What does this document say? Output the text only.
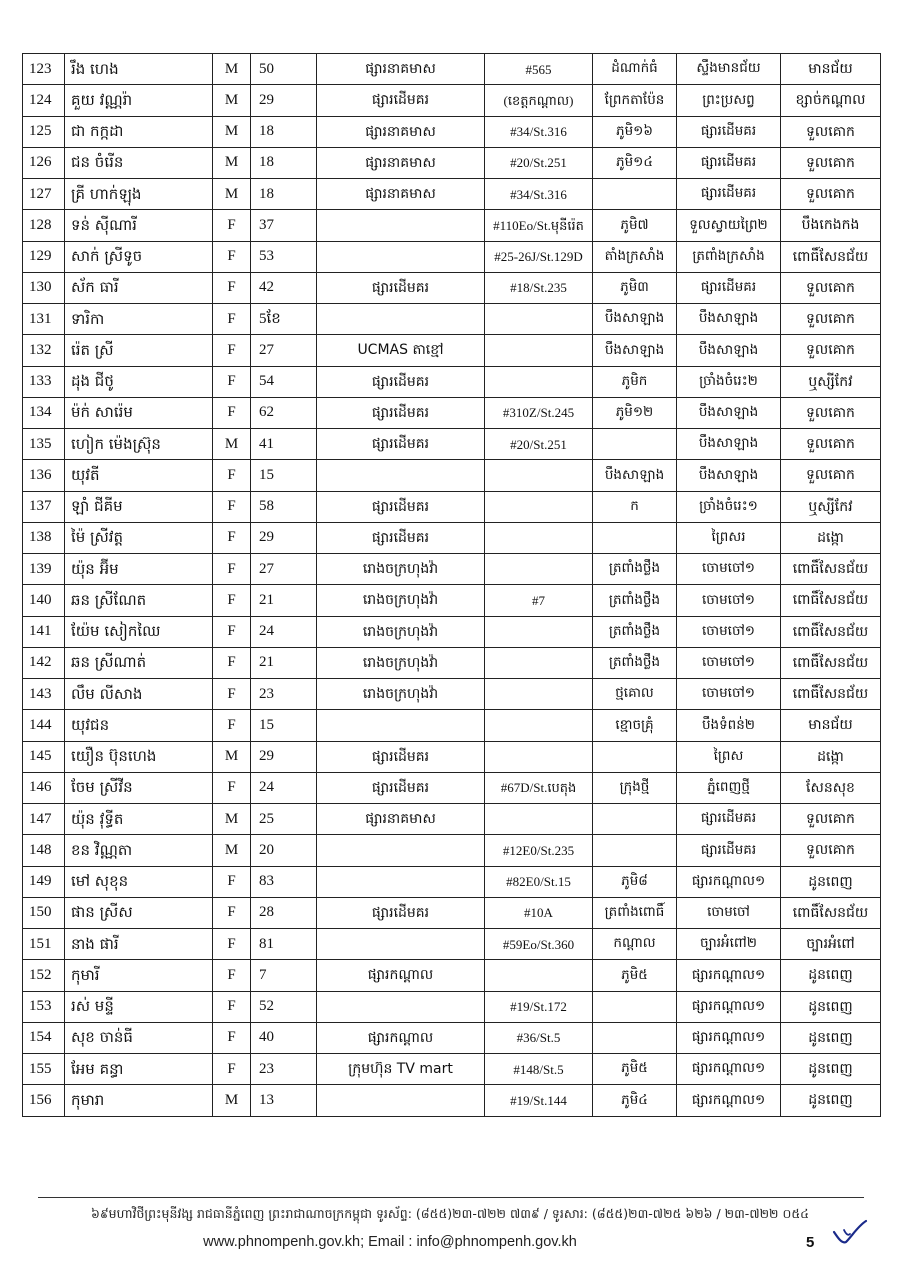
123	រឹង ហេង	M	50	ផ្សារនាគមាស	#565	ដំណាក់ធំ	ស្ទឹងមានជ័យ	មានជ័យ
124	គួយ វណ្ណរ៉ា	M	29	ផ្សារដើមគរ	(ខេត្តកណ្ដាល)	ព្រែកតាប៉ែន	ព្រះប្រសព្វ	ខ្សាច់កណ្ដាល
125	ជា កក្កដា	M	18	ផ្សារនាគមាស	#34/St.316	ភូមិ១៦	ផ្សារដើមគរ	ទួលគោក
126	ជន ចំរើន	M	18	ផ្សារនាគមាស	#20/St.251	ភូមិ១៤	ផ្សារដើមគរ	ទួលគោក
127	គ្រី ហាក់ឡុង	M	18	ផ្សារនាគមាស	#34/St.316		ផ្សារដើមគរ	ទួលគោក
128	ទន់ ស៊ីណារី	F	37		#110Eo/St.មុនីរ៉េត	ភូមិ៧	ទួលស្វាយព្រៃ២	បឹងកេងកង
129	សាក់ ស្រីទូច	F	53		#25-26J/St.129D	តាំងក្រសាំង	ត្រពាំងក្រសាំង	ពោធិ៍សែនជ័យ
130	ស័ក ធារី	F	42	ផ្សារដើមគរ	#18/St.235	ភូមិ៣	ផ្សារដើមគរ	ទួលគោក
131	ទារិកា	F	5ខែ			បឹងសាឡាង	បឹងសាឡាង	ទួលគោក
132	រ៉េត ស្រី	F	27	UCMAS តាខ្មៅ		បឹងសាឡាង	បឹងសាឡាង	ទួលគោក
133	ដុង ជីថូ	F	54	ផ្សារដើមគរ		ភូមិក	ច្រាំងចំរេះ២	ឬស្សីកែវ
134	ម៉ក់ សារ៉េម	F	62	ផ្សារដើមគរ	#310Z/St.245	ភូមិ១២	បឹងសាឡាង	ទួលគោក
135	ហៀក ម៉េងស្រ៊ុន	M	41	ផ្សារដើមគរ	#20/St.251		បឹងសាឡាង	ទួលគោក
136	យុវតី	F	15			បឹងសាឡាង	បឹងសាឡាង	ទួលគោក
137	ឡាំ ជីគីម	F	58	ផ្សារដើមគរ		ក	ច្រាំងចំរេះ១	ឬស្សីកែវ
138	ម៉ៃ ស្រីវត្ត	F	29	ផ្សារដើមគរ			ព្រៃសរ	ដង្កោ
139	យ៉ុន អ៊ីម	F	27	រោងចក្រហុងវ៉ា		ត្រពាំងថ្លឹង	ចោមចៅ១	ពោធិ៍សែនជ័យ
140	ឆន ស្រីណែត	F	21	រោងចក្រហុងវ៉ា	#7	ត្រពាំងថ្លឹង	ចោមចៅ១	ពោធិ៍សែនជ័យ
141	យ៉ែម សៀកឈៃ	F	24	រោងចក្រហុងវ៉ា		ត្រពាំងថ្លឹង	ចោមចៅ១	ពោធិ៍សែនជ័យ
142	ឆន ស្រីណាត់	F	21	រោងចក្រហុងវ៉ា		ត្រពាំងថ្លឹង	ចោមចៅ១	ពោធិ៍សែនជ័យ
143	លឹម លីសាង	F	23	រោងចក្រហុងវ៉ា		ថ្មគោល	ចោមចៅ១	ពោធិ៍សែនជ័យ
144	យុវជន	F	15			ខ្មោចគ្រុំ	បឹងទំពន់២	មានជ័យ
145	យឿន ប៊ុនហេង	M	29	ផ្សារដើមគរ			ព្រៃស	ដង្កោ
146	ចែម ស្រីវីន	F	24	ផ្សារដើមគរ	#67D/St.បេតុង	ក្រុងថ្មី	ភ្នំពេញថ្មី	សែនសុខ
147	យ៉ុន វុទ្ធីត	M	25	ផ្សារនាគមាស			ផ្សារដើមគរ	ទួលគោក
148	ខន វិណ្ណតា	M	20		#12E0/St.235		ផ្សារដើមគរ	ទួលគោក
149	មៅ សុខុន	F	83		#82E0/St.15	ភូមិ៨	ផ្សារកណ្ដាល១	ដូនពេញ
150	ផាន ស្រីស	F	28	ផ្សារដើមគរ	#10A	ត្រពាំងពោធិ៍	ចោមចៅ	ពោធិ៍សែនជ័យ
151	នាង ផារី	F	81		#59Eo/St.360	កណ្ដាល	ច្បារអំពៅ២	ច្បារអំពៅ
152	កុមារី	F	7	ផ្សារកណ្ដាល		ភូមិ៥	ផ្សារកណ្ដាល១	ដូនពេញ
153	រស់ មន្ទី	F	52		#19/St.172		ផ្សារកណ្ដាល១	ដូនពេញ
154	សុខ ចាន់ធី	F	40	ផ្សារកណ្ដាល	#36/St.5		ផ្សារកណ្ដាល១	ដូនពេញ
155	អែម គន្ធា	F	23	ក្រុមហ៊ុន TV mart	#148/St.5	ភូមិ៥	ផ្សារកណ្ដាល១	ដូនពេញ
156	កុមារា	M	13		#19/St.144	ភូមិ៤	ផ្សារកណ្ដាល១	ដូនពេញ
៦៩មហាវិថីព្រះមុនីវង្ស រាជធានីភ្នំពេញ ព្រះរាជាណាចក្រកម្ពុជា ទូរស័ព្ទ: (៨៥៥)២៣-៧២២ ៧៣៩ / ទូរសារ: (៨៥៥)២៣-៧២៥ ៦២៦ / ២៣-៧២២ ០៥៤
www.phnompenh.gov.kh; Email : info@phnompenh.gov.kh	5
